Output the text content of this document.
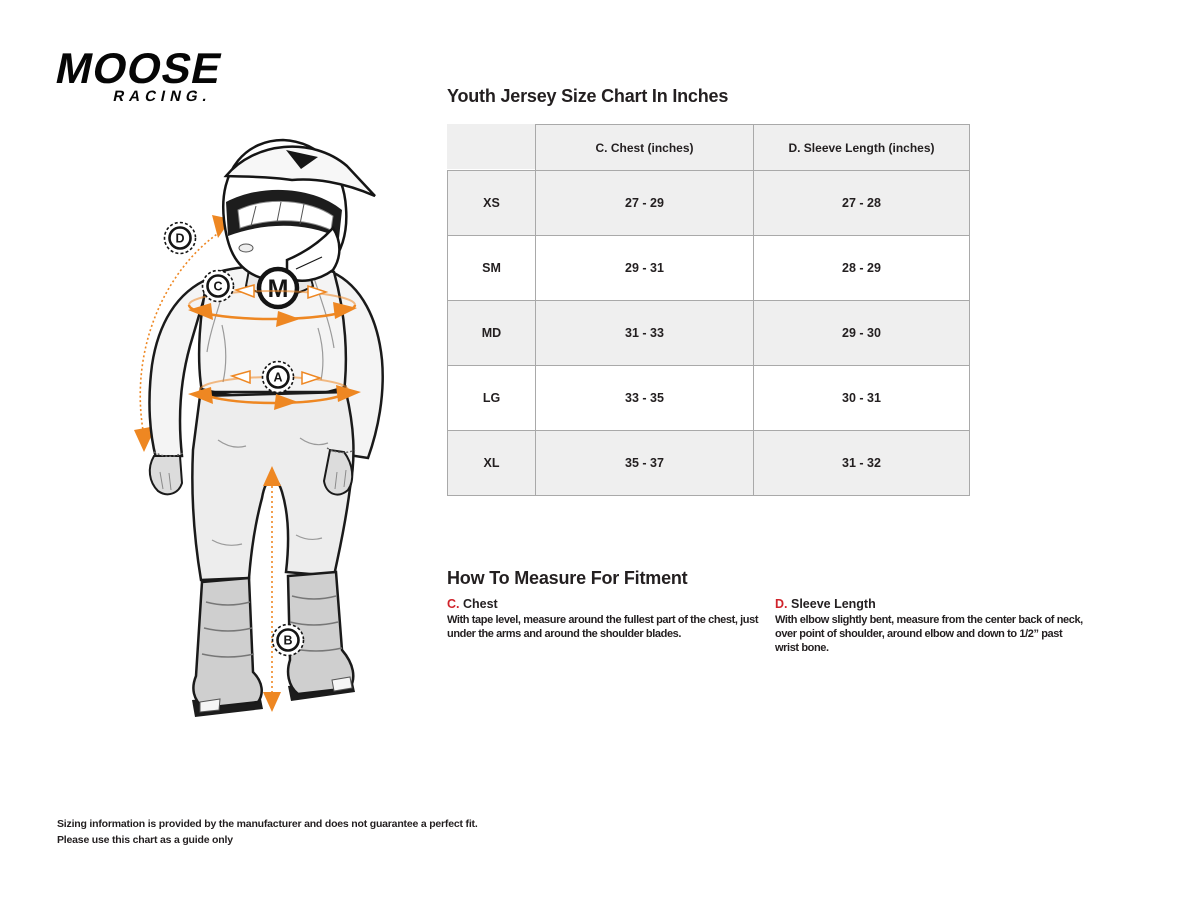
MOOSE
RACING.
M
D
C
A
B
Youth Jersey Size Chart In Inches
C. Chest (inches)	D. Sleeve Length (inches)
XS	27 - 29	27 - 28
SM	29 - 31	28 - 29
MD	31 - 33	29 - 30
LG	33 - 35	30 - 31
XL	35 - 37	31 - 32
How To Measure For Fitment
C. Chest
With tape level, measure around the fullest part of the chest, just under the arms and around the shoulder blades.
D. Sleeve Length
With elbow slightly bent, measure from the center back of neck, over point of shoulder, around elbow and down to 1/2” past wrist bone.
Sizing information is provided by the manufacturer and does not guarantee a perfect fit.
Please use this chart as a guide only
